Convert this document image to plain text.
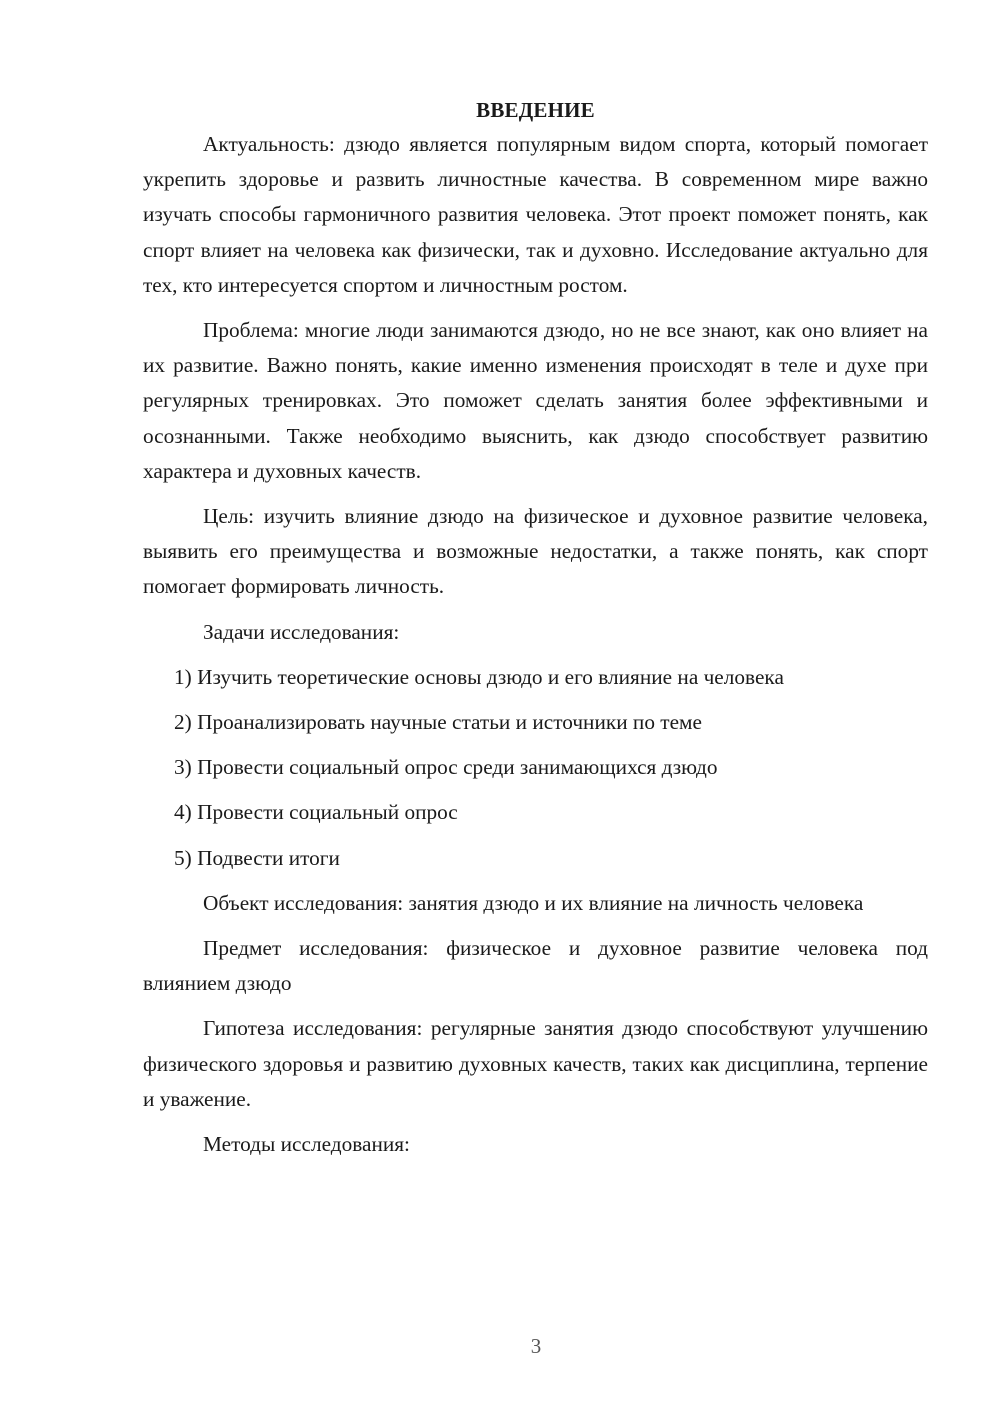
ВВЕДЕНИЕ

Актуальность: дзюдо является популярным видом спорта, который помогает укрепить здоровье и развить личностные качества. В современном мире важно изучать способы гармоничного развития человека. Этот проект поможет понять, как спорт влияет на человека как физически, так и духовно. Исследование актуально для тех, кто интересуется спортом и личностным ростом.

Проблема: многие люди занимаются дзюдо, но не все знают, как оно влияет на их развитие. Важно понять, какие именно изменения происходят в теле и духе при регулярных тренировках. Это поможет сделать занятия более эффективными и осознанными. Также необходимо выяснить, как дзюдо способствует развитию характера и духовных качеств.

Цель: изучить влияние дзюдо на физическое и духовное развитие человека, выявить его преимущества и возможные недостатки, а также понять, как спорт помогает формировать личность.

Задачи исследования:

1) Изучить теоретические основы дзюдо и его влияние на человека
2) Проанализировать научные статьи и источники по теме
3) Провести социальный опрос среди занимающихся дзюдо
4) Провести социальный опрос
5) Подвести итоги

Объект исследования: занятия дзюдо и их влияние на личность человека

Предмет исследования: физическое и духовное развитие человека под влиянием дзюдо

Гипотеза исследования: регулярные занятия дзюдо способствуют улучшению физического здоровья и развитию духовных качеств, таких как дисциплина, терпение и уважение.

Методы исследования:

3
